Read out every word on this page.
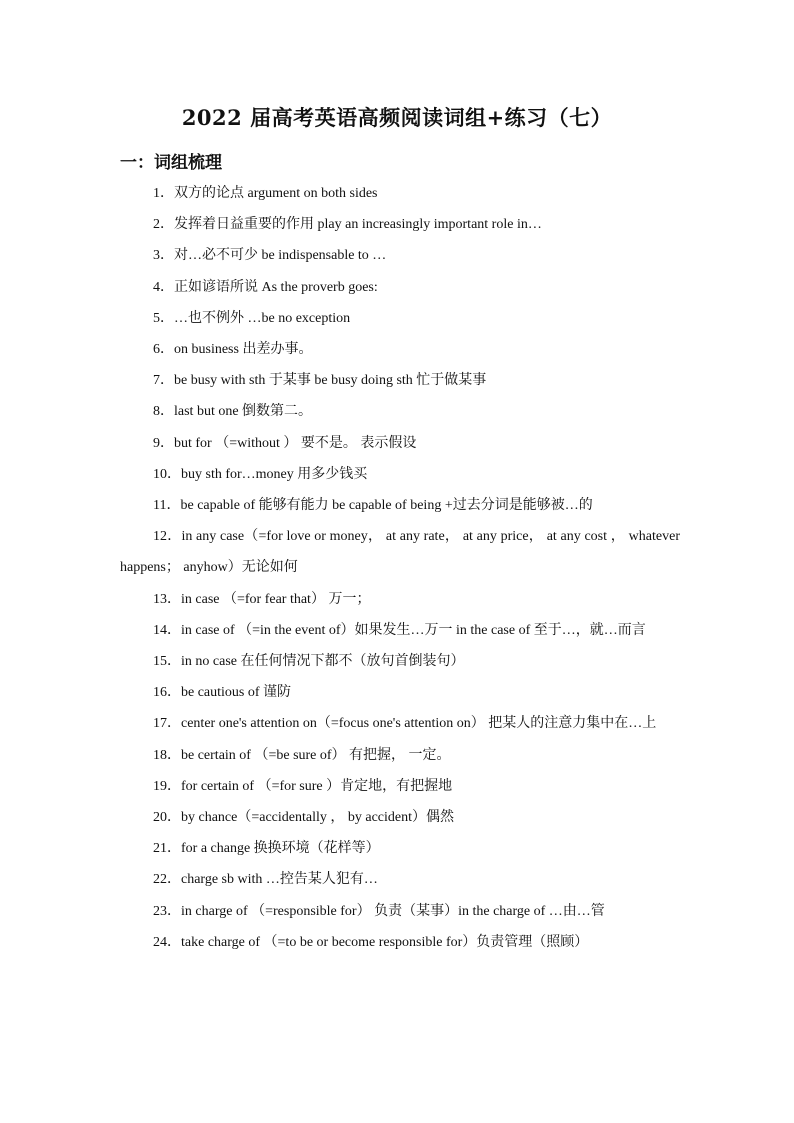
2022 届高考英语高频阅读词组+练习（七）
一：词组梳理
1．双方的论点 argument on both sides
2．发挥着日益重要的作用 play an increasingly important role in…
3．对…必不可少 be indispensable to …
4．正如谚语所说 As the proverb goes:
5．…也不例外 …be no exception
6．on business 出差办事。
7．be busy with sth 于某事 be busy doing sth 忙于做某事
8．last but one 倒数第二。
9．but for （=without ） 要不是。 表示假设
10．buy sth for…money 用多少钱买
11．be capable of 能够有能力 be capable of being +过去分词是能够被…的
12．in any case（=for love or money， at any rate， at any price， at any cost ， whatever happens； anyhow）无论如何
13．in case （=for fear that） 万一；
14．in case of （=in the event of）如果发生…万一 in the case of 至于…，就…而言
15．in no case 在任何情况下都不（放句首倒装句）
16．be cautious of 谨防
17．center one's attention on（=focus one's attention on） 把某人的注意力集中在…上
18．be certain of （=be sure of） 有把握， 一定。
19．for certain of （=for sure ）肯定地，有把握地
20．by chance（=accidentally ， by accident）偶然
21．for a change 换换环境（花样等）
22．charge sb with …控告某人犯有…
23．in charge of （=responsible for） 负责（某事）in the charge of …由…管
24．take charge of （=to be or become responsible for）负责管理（照顾）
